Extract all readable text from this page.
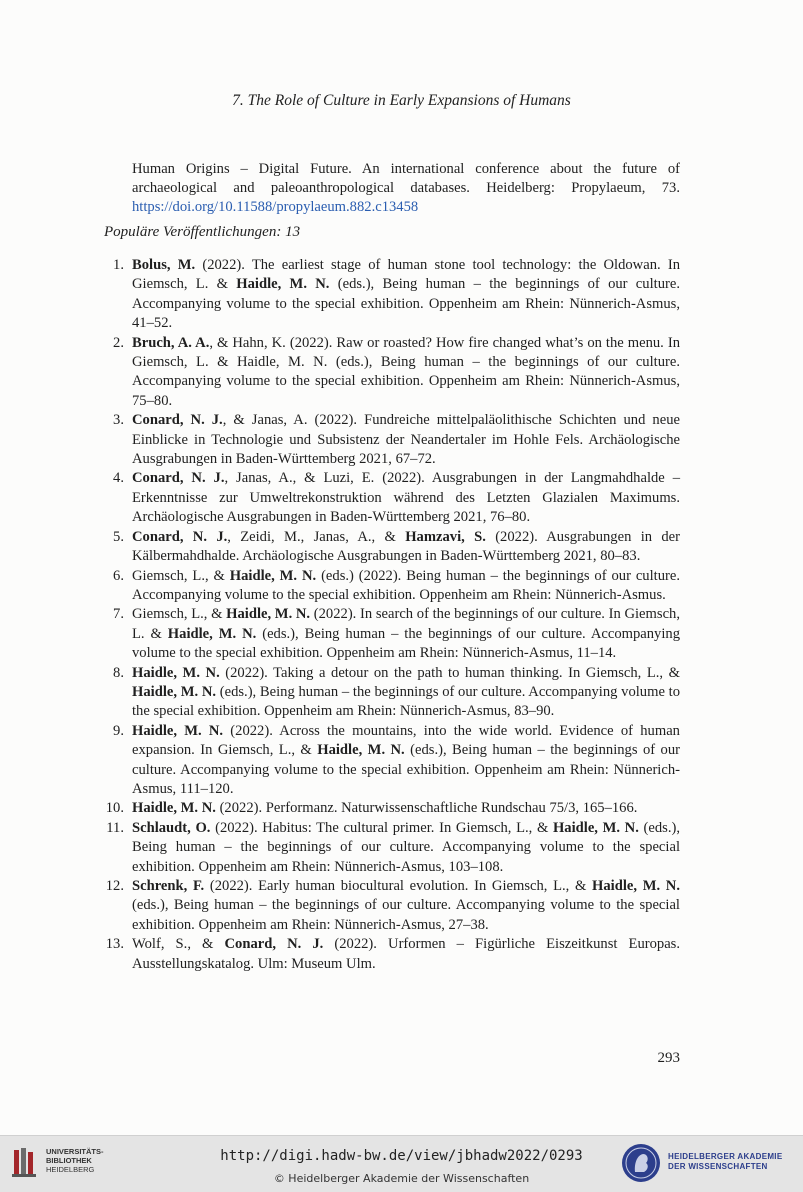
7. The Role of Culture in Early Expansions of Humans

Human Origins – Digital Future. An international conference about the future of archaeological and paleoanthropological databases. Heidelberg: Propylaeum, 73. https://doi.org/10.11588/propylaeum.882.c13458

Populäre Veröffentlichungen: 13
1. Bolus, M. (2022). The earliest stage of human stone tool technology: the Oldowan. In Giemsch, L. & Haidle, M. N. (eds.), Being human – the beginnings of our culture. Accompanying volume to the special exhibition. Oppenheim am Rhein: Nünnerich-Asmus, 41–52.
2. Bruch, A. A., & Hahn, K. (2022). Raw or roasted? How fire changed what’s on the menu. In Giemsch, L. & Haidle, M. N. (eds.), Being human – the beginnings of our culture. Accompanying volume to the special exhibition. Oppenheim am Rhein: Nünnerich-Asmus, 75–80.
3. Conard, N. J., & Janas, A. (2022). Fundreiche mittelpaläolithische Schichten und neue Einblicke in Technologie und Subsistenz der Neandertaler im Hohle Fels. Archäologische Ausgrabungen in Baden-Württemberg 2021, 67–72.
4. Conard, N. J., Janas, A., & Luzi, E. (2022). Ausgrabungen in der Langmahdhalde – Erkenntnisse zur Umweltrekonstruktion während des Letzten Glazialen Maximums. Archäologische Ausgrabungen in Baden-Württemberg 2021, 76–80.
5. Conard, N. J., Zeidi, M., Janas, A., & Hamzavi, S. (2022). Ausgrabungen in der Kälbermahdhalde. Archäologische Ausgrabungen in Baden-Württemberg 2021, 80–83.
6. Giemsch, L., & Haidle, M. N. (eds.) (2022). Being human – the beginnings of our culture. Accompanying volume to the special exhibition. Oppenheim am Rhein: Nünnerich-Asmus.
7. Giemsch, L., & Haidle, M. N. (2022). In search of the beginnings of our culture. In Giemsch, L. & Haidle, M. N. (eds.), Being human – the beginnings of our culture. Accompanying volume to the special exhibition. Oppenheim am Rhein: Nünnerich-Asmus, 11–14.
8. Haidle, M. N. (2022). Taking a detour on the path to human thinking. In Giemsch, L., & Haidle, M. N. (eds.), Being human – the beginnings of our culture. Accompanying volume to the special exhibition. Oppenheim am Rhein: Nünnerich-Asmus, 83–90.
9. Haidle, M. N. (2022). Across the mountains, into the wide world. Evidence of human expansion. In Giemsch, L., & Haidle, M. N. (eds.), Being human – the beginnings of our culture. Accompanying volume to the special exhibition. Oppenheim am Rhein: Nünnerich-Asmus, 111–120.
10. Haidle, M. N. (2022). Performanz. Naturwissenschaftliche Rundschau 75/3, 165–166.
11. Schlaudt, O. (2022). Habitus: The cultural primer. In Giemsch, L., & Haidle, M. N. (eds.), Being human – the beginnings of our culture. Accompanying volume to the special exhibition. Oppenheim am Rhein: Nünnerich-Asmus, 103–108.
12. Schrenk, F. (2022). Early human biocultural evolution. In Giemsch, L., & Haidle, M. N. (eds.), Being human – the beginnings of our culture. Accompanying volume to the special exhibition. Oppenheim am Rhein: Nünnerich-Asmus, 27–38.
13. Wolf, S., & Conard, N. J. (2022). Urformen – Figürliche Eiszeitkunst Europas. Ausstellungskatalog. Ulm: Museum Ulm.
293
UNIVERSITÄTS-
BIBLIOTHEK
HEIDELBERG
http://digi.hadw-bw.de/view/jbhadw2022/0293
© Heidelberger Akademie der Wissenschaften
HEIDELBERGER AKADEMIE
DER WISSENSCHAFTEN
